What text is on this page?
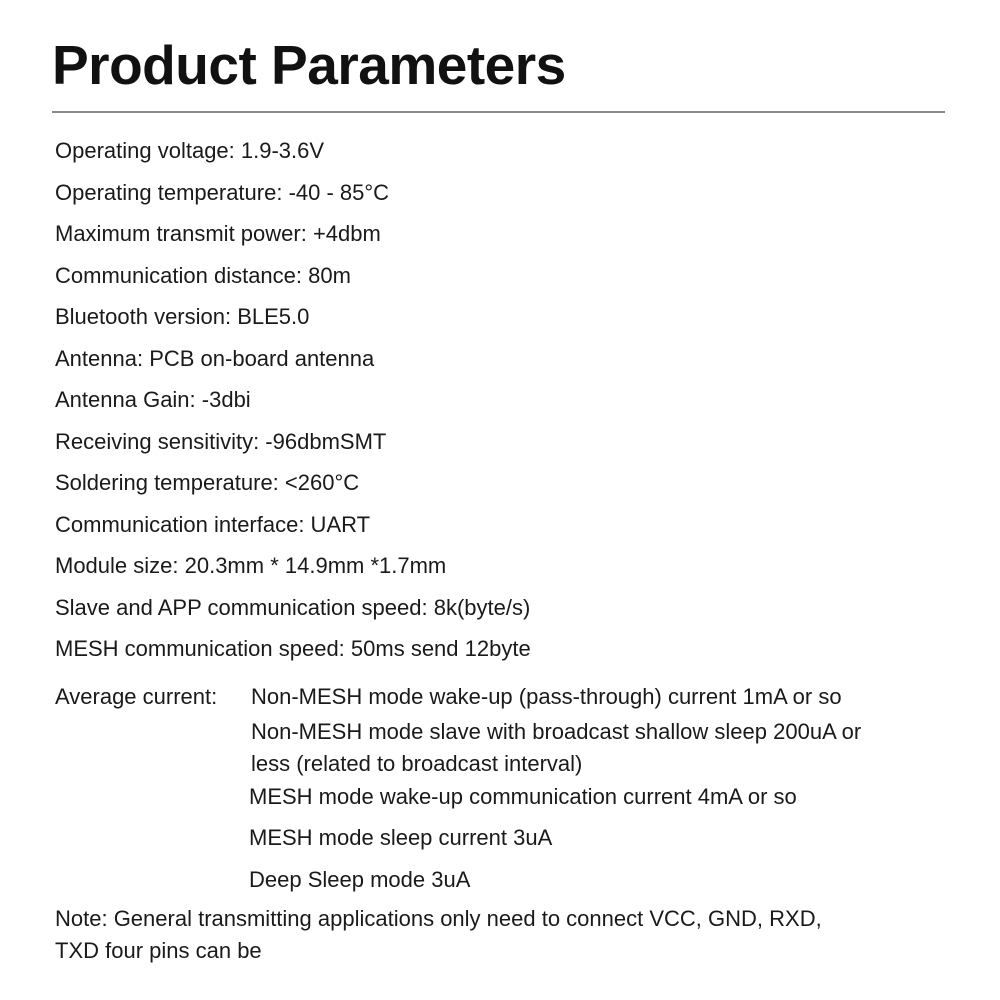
Product Parameters
Operating voltage: 1.9-3.6V
Operating temperature: -40 - 85°C
Maximum transmit power: +4dbm
Communication distance: 80m
Bluetooth version: BLE5.0
Antenna: PCB on-board antenna
Antenna Gain: -3dbi
Receiving sensitivity: -96dbmSMT
Soldering temperature: <260°C
Communication interface: UART
Module size: 20.3mm * 14.9mm *1.7mm
Slave and APP communication speed: 8k(byte/s)
MESH communication speed: 50ms send 12byte
Average current: Non-MESH mode wake-up (pass-through) current 1mA or so
Non-MESH mode slave with broadcast shallow sleep 200uA or
less (related to broadcast interval)
MESH mode wake-up communication current 4mA or so
MESH mode sleep current 3uA
Deep Sleep mode 3uA
Note: General transmitting applications only need to connect VCC, GND, RXD,
TXD four pins can be
